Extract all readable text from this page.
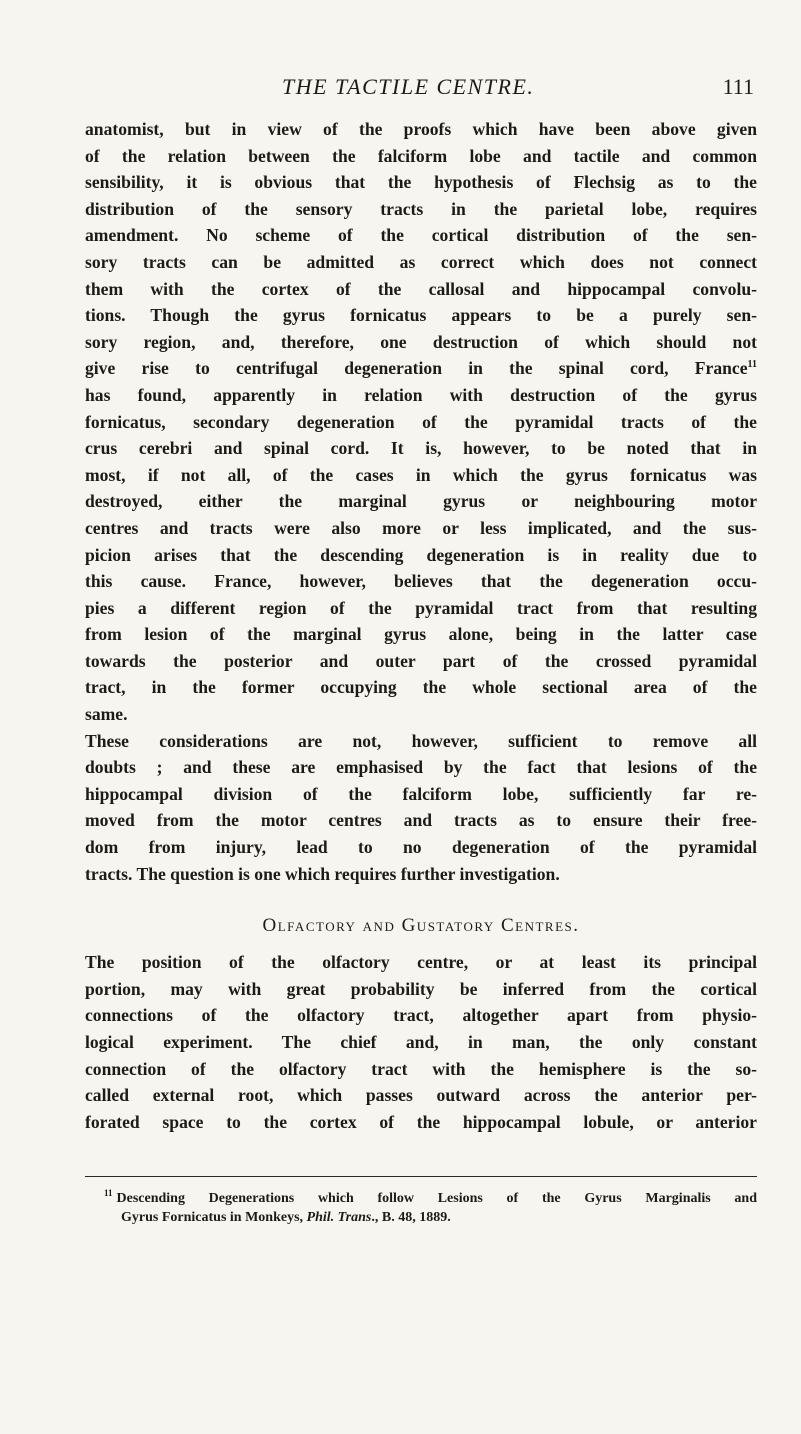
THE TACTILE CENTRE.	111
anatomist, but in view of the proofs which have been above given
of the relation between the falciform lobe and tactile and common
sensibility, it is obvious that the hypothesis of Flechsig as to the
distribution of the sensory tracts in the parietal lobe, requires
amendment. No scheme of the cortical distribution of the sen-
sory tracts can be admitted as correct which does not connect
them with the cortex of the callosal and hippocampal convolu-
tions. Though the gyrus fornicatus appears to be a purely sen-
sory region, and, therefore, one destruction of which should not
give rise to centrifugal degeneration in the spinal cord, France$^{11}$
has found, apparently in relation with destruction of the gyrus
fornicatus, secondary degeneration of the pyramidal tracts of the
crus cerebri and spinal cord. It is, however, to be noted that in
most, if not all, of the cases in which the gyrus fornicatus was
destroyed, either the marginal gyrus or neighbouring motor
centres and tracts were also more or less implicated, and the sus-
picion arises that the descending degeneration is in reality due to
this cause. France, however, believes that the degeneration occu-
pies a different region of the pyramidal tract from that resulting
from lesion of the marginal gyrus alone, being in the latter case
towards the posterior and outer part of the crossed pyramidal
tract, in the former occupying the whole sectional area of the
same.
These considerations are not, however, sufficient to remove all
doubts ; and these are emphasised by the fact that lesions of the
hippocampal division of the falciform lobe, sufficiently far re-
moved from the motor centres and tracts as to ensure their free-
dom from injury, lead to no degeneration of the pyramidal
tracts. The question is one which requires further investigation.
Olfactory and Gustatory Centres.
The position of the olfactory centre, or at least its principal
portion, may with great probability be inferred from the cortical
connections of the olfactory tract, altogether apart from physio-
logical experiment. The chief and, in man, the only constant
connection of the olfactory tract with the hemisphere is the so-
called external root, which passes outward across the anterior per-
forated space to the cortex of the hippocampal lobule, or anterior
$^{11}$ Descending Degenerations which follow Lesions of the Gyrus Marginalis and
Gyrus Fornicatus in Monkeys, Phil. Trans., B. 48, 1889.
